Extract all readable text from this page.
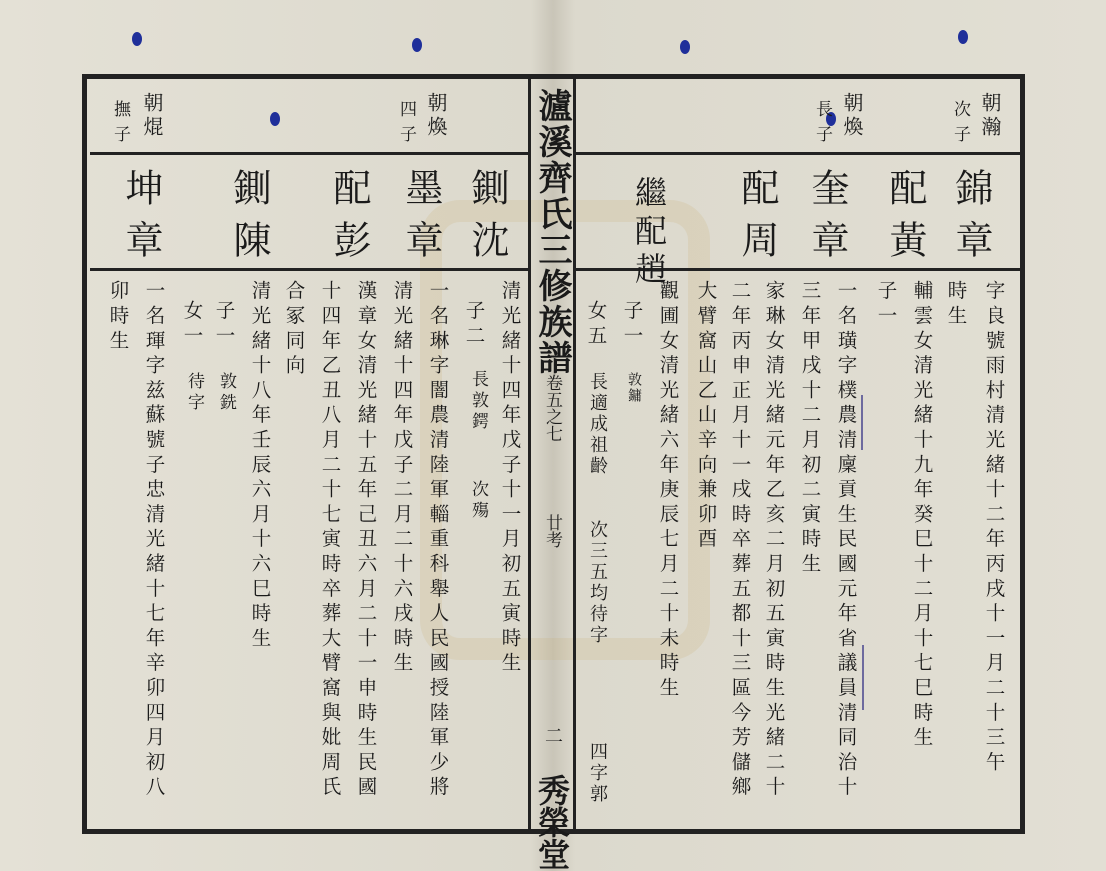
瀘溪齊氏三修族譜
卷五之七
廿考
二
秀榮堂
朝瀚
次子
朝煥
長子
錦章
配黃
奎章
配周
繼配趙
字良號雨村清光緒十二年丙戌十一月二十三午
時生
輔雲女清光緒十九年癸巳十二月十七巳時生
子一
一名璜字樸農清廩貢生民國元年省議員清同治十
三年甲戌十二月初二寅時生
家琳女清光緒元年乙亥二月初五寅時生光緒二十
二年丙申正月十一戌時卒葬五都十三區今芳儲鄉
大臂窩山乙山辛向兼卯酉
觀圃女清光緒六年庚辰七月二十未時生
子一
女五
敦鏞
長適成祖齡
次三五均待字
四字郭
朝煥
四子
朝焜
撫子
鍘沈
墨章
配彭
鍘陳
坤章
清光緒十四年戊子十一月初五寅時生
子二
長敦鍔
次殤
一名琳字闇農清陸軍輜重科舉人民國授陸軍少將
清光緒十四年戊子二月二十六戌時生
漢章女清光緒十五年己丑六月二十一申時生民國
十四年乙丑八月二十七寅時卒葬大臂窩與妣周氏
合冢同向
清光緒十八年壬辰六月十六巳時生
子一
女一
敦銑
待字
一名琿字兹蘇號子忠清光緒十七年辛卯四月初八
卯時生
